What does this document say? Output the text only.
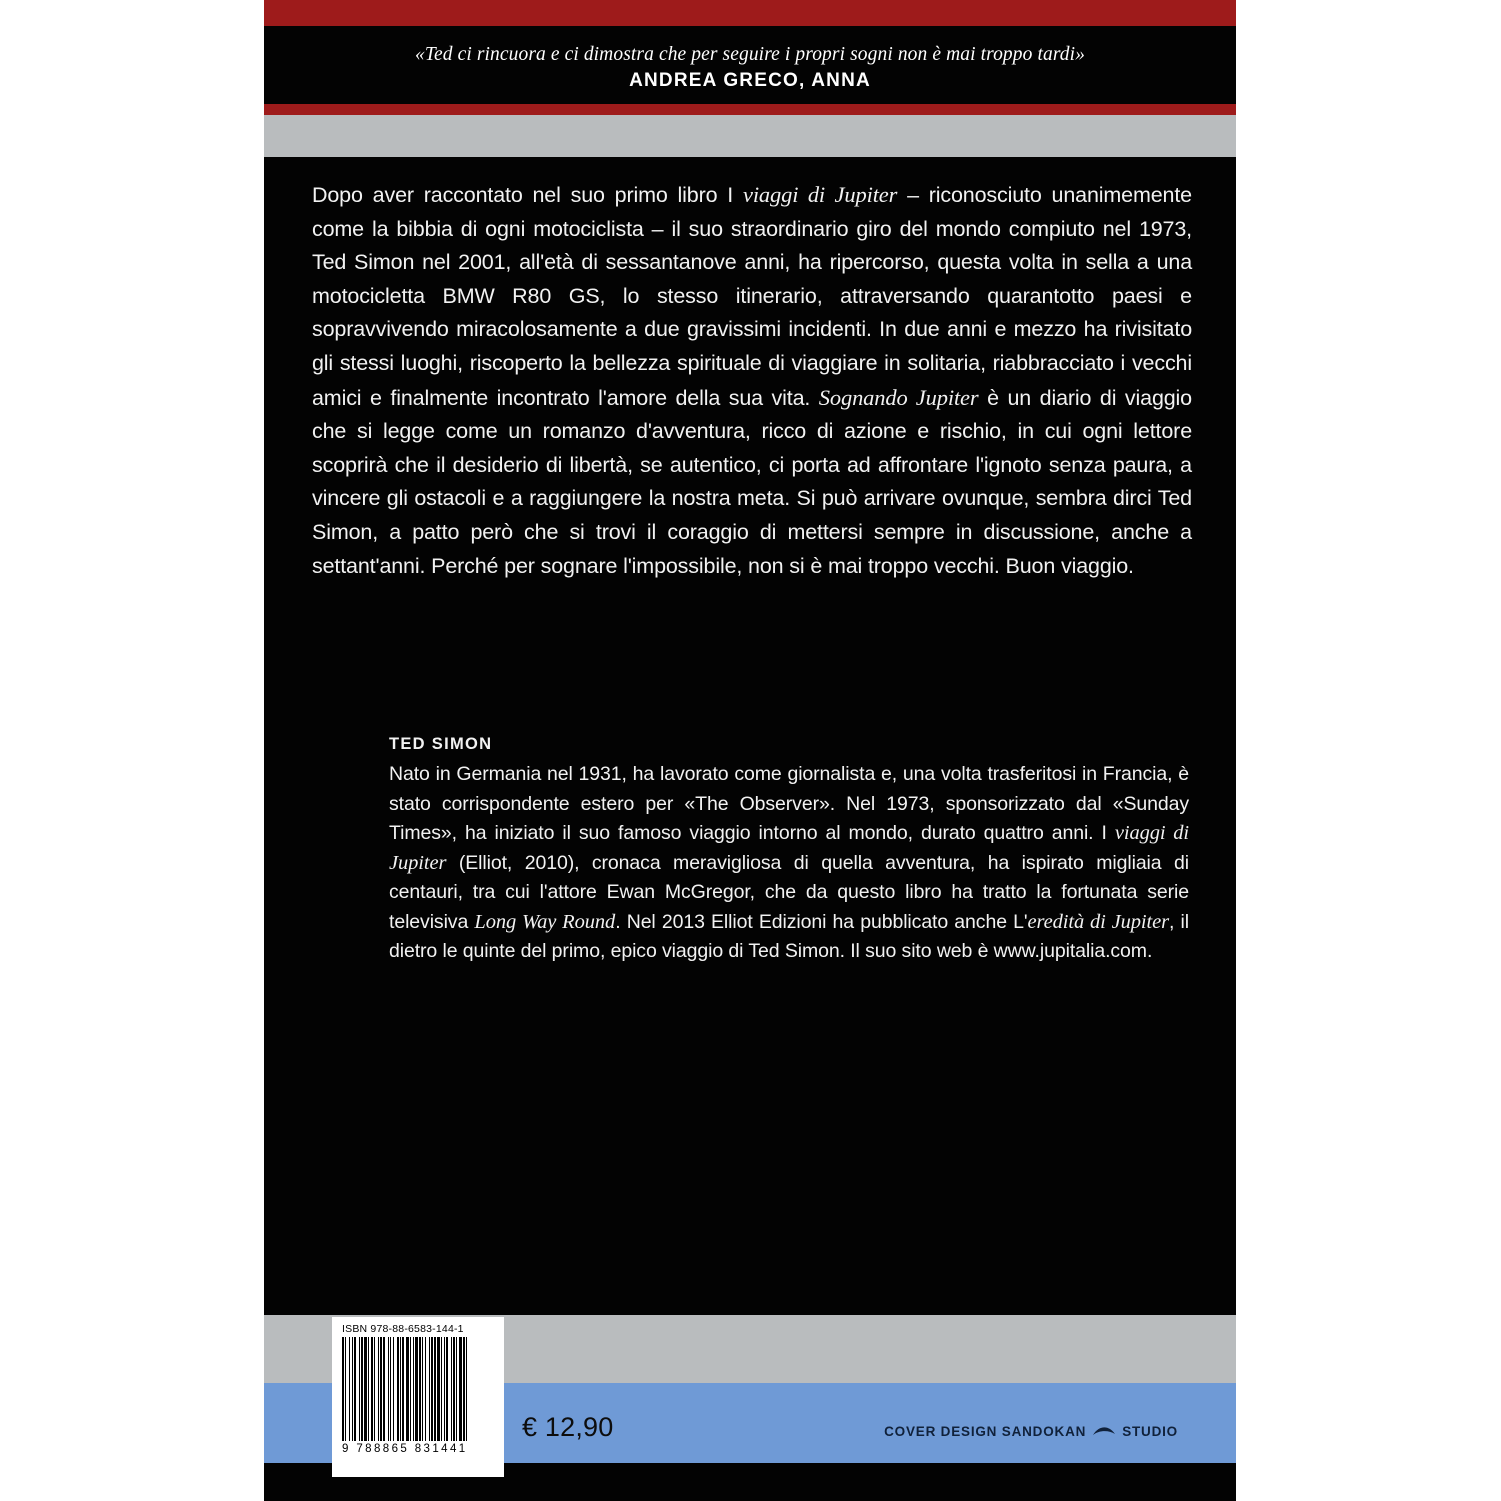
«Ted ci rincuora e ci dimostra che per seguire i propri sogni non è mai troppo tardi»
ANDREA GRECO, ANNA
Dopo aver raccontato nel suo primo libro I viaggi di Jupiter – riconosciuto unanimemente come la bibbia di ogni motociclista – il suo straordinario giro del mondo compiuto nel 1973, Ted Simon nel 2001, all'età di sessantanove anni, ha ripercorso, questa volta in sella a una motocicletta BMW R80 GS, lo stesso itinerario, attraversando quarantotto paesi e sopravvivendo miracolosamente a due gravissimi incidenti. In due anni e mezzo ha rivisitato gli stessi luoghi, riscoperto la bellezza spirituale di viaggiare in solitaria, riabbracciato i vecchi amici e finalmente incontrato l'amore della sua vita. Sognando Jupiter è un diario di viaggio che si legge come un romanzo d'avventura, ricco di azione e rischio, in cui ogni lettore scoprirà che il desiderio di libertà, se autentico, ci porta ad affrontare l'ignoto senza paura, a vincere gli ostacoli e a raggiungere la nostra meta. Si può arrivare ovunque, sembra dirci Ted Simon, a patto però che si trovi il coraggio di mettersi sempre in discussione, anche a settant'anni. Perché per sognare l'impossibile, non si è mai troppo vecchi. Buon viaggio.
TED SIMON
Nato in Germania nel 1931, ha lavorato come giornalista e, una volta trasferitosi in Francia, è stato corrispondente estero per «The Observer». Nel 1973, sponsorizzato dal «Sunday Times», ha iniziato il suo famoso viaggio intorno al mondo, durato quattro anni. I viaggi di Jupiter (Elliot, 2010), cronaca meravigliosa di quella avventura, ha ispirato migliaia di centauri, tra cui l'attore Ewan McGregor, che da questo libro ha tratto la fortunata serie televisiva Long Way Round. Nel 2013 Elliot Edizioni ha pubblicato anche L'eredità di Jupiter, il dietro le quinte del primo, epico viaggio di Ted Simon. Il suo sito web è www.jupitalia.com.
€ 12,90	COVER DESIGN SANDOKAN	STUDIO
ISBN 978-88-6583-144-1
9 788865 831441
